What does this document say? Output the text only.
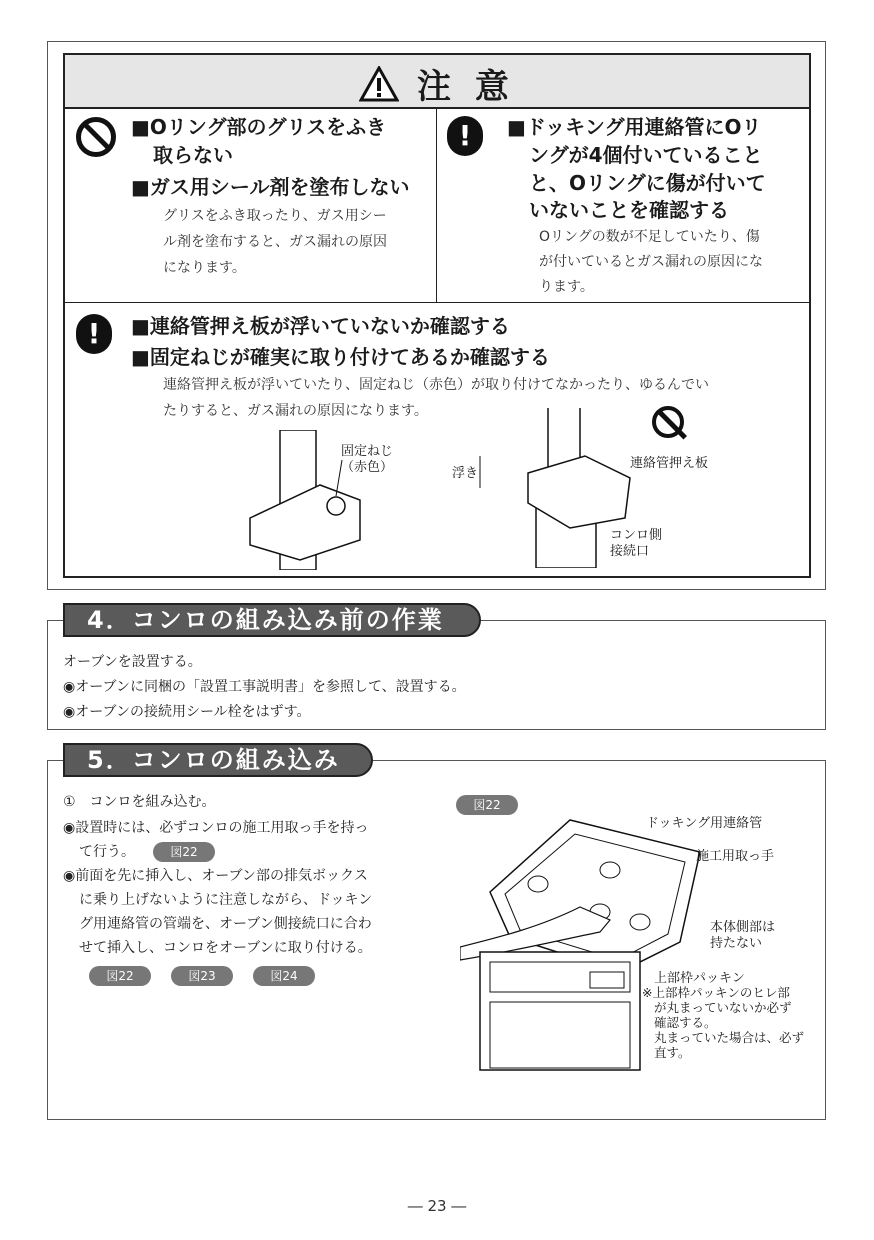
注 意
■Oリング部のグリスをふき
取らない
■ガス用シール剤を塗布しない
グリスをふき取ったり、ガス用シー
ル剤を塗布すると、ガス漏れの原因
になります。
!	■ドッキング用連絡管にOリ
ングが4個付いていること
と、Oリングに傷が付いて
いないことを確認する
Oリングの数が不足していたり、傷
が付いているとガス漏れの原因にな
ります。
!	■連絡管押え板が浮いていないか確認する
■固定ねじが確実に取り付けてあるか確認する
連絡管押え板が浮いていたり、固定ねじ（赤色）が取り付けてなかったり、ゆるんでい
たりすると、ガス漏れの原因になります。
固定ねじ
（赤色）	浮き
連絡管押え板
コンロ側
接続口
4．コンロの組み込み前の作業
オーブンを設置する。
◉オーブンに同梱の「設置工事説明書」を参照して、設置する。
◉オーブンの接続用シール栓をはずす。
5．コンロの組み込み
①　コンロを組み込む。
◉設置時には、必ずコンロの施工用取っ手を持っ
て行う。	図22
◉前面を先に挿入し、オーブン部の排気ボックス
に乗り上げないように注意しながら、ドッキン
グ用連絡管の管端を、オーブン側接続口に合わ
せて挿入し、コンロをオーブンに取り付ける。
図22	図23	図24
図22
ドッキング用連絡管
施工用取っ手
本体側部は
持たない
上部枠パッキン
※上部枠パッキンのヒレ部
が丸まっていないか必ず
確認する。
丸まっていた場合は、必ず
直す。
― 23 ―
